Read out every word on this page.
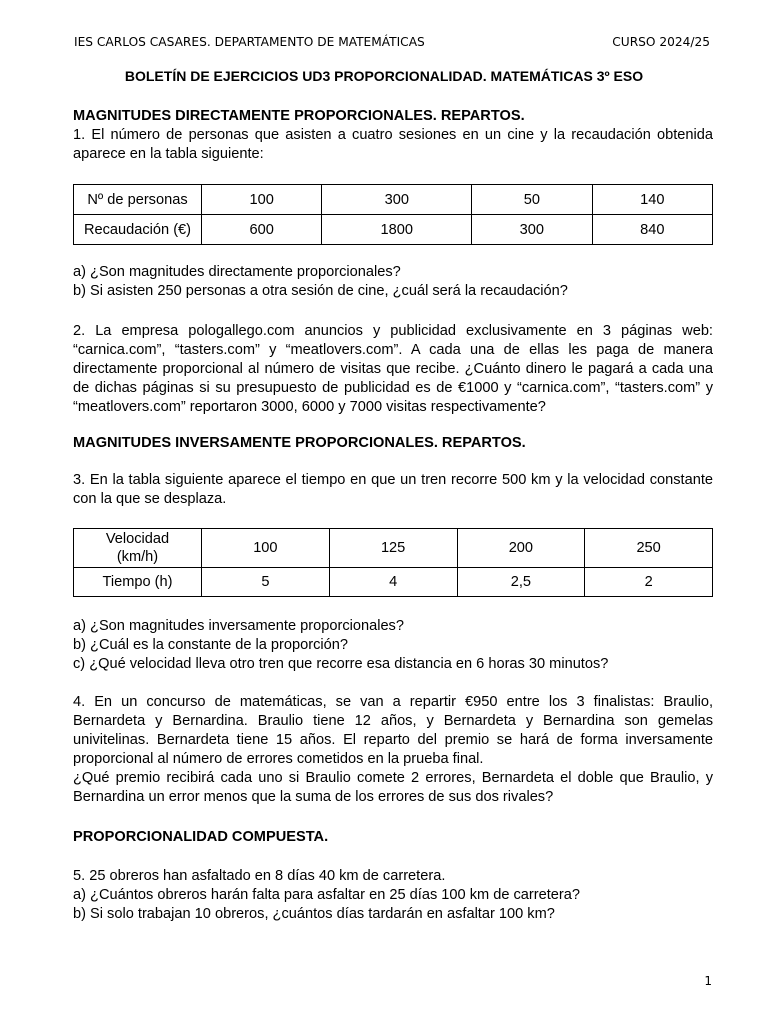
IES CARLOS CASARES. DEPARTAMENTO DE MATEMÁTICAS	CURSO 2024/25
BOLETÍN DE EJERCICIOS UD3 PROPORCIONALIDAD. MATEMÁTICAS 3º ESO

MAGNITUDES DIRECTAMENTE PROPORCIONALES. REPARTOS.

1. El número de personas que asisten a cuatro sesiones en un cine y la recaudación obtenida aparece en la tabla siguiente:

Nº de personas	100	300	50	140
Recaudación (€)	600	1800	300	840

a) ¿Son magnitudes directamente proporcionales?

b) Si asisten 250 personas a otra sesión de cine, ¿cuál será la recaudación?

2. La empresa pologallego.com anuncios y publicidad exclusivamente en 3 páginas web: “carnica.com”, “tasters.com” y “meatlovers.com”. A cada una de ellas les paga de manera directamente proporcional al número de visitas que recibe. ¿Cuánto dinero le pagará a cada una de dichas páginas si su presupuesto de publicidad es de €1000 y “carnica.com”, “tasters.com” y “meatlovers.com” reportaron 3000, 6000 y 7000 visitas respectivamente?

MAGNITUDES INVERSAMENTE PROPORCIONALES. REPARTOS.

3. En la tabla siguiente aparece el tiempo en que un tren recorre 500 km y la velocidad constante con la que se desplaza.

Velocidad
(km/h)	100	125	200	250
Tiempo (h)	5	4	2,5	2

a) ¿Son magnitudes inversamente proporcionales?

b) ¿Cuál es la constante de la proporción?

c) ¿Qué velocidad lleva otro tren que recorre esa distancia en 6 horas 30 minutos?

4. En un concurso de matemáticas, se van a repartir €950 entre los 3 finalistas: Braulio, Bernardeta y Bernardina. Braulio tiene 12 años, y Bernardeta y Bernardina son gemelas univitelinas. Bernardeta tiene 15 años. El reparto del premio se hará de forma inversamente proporcional al número de errores cometidos en la prueba final.

¿Qué premio recibirá cada uno si Braulio comete 2 errores, Bernardeta el doble que Braulio, y Bernardina un error menos que la suma de los errores de sus dos rivales?

PROPORCIONALIDAD COMPUESTA.

5. 25 obreros han asfaltado en 8 días 40 km de carretera.

a) ¿Cuántos obreros harán falta para asfaltar en 25 días 100 km de carretera?

b) Si solo trabajan 10 obreros, ¿cuántos días tardarán en asfaltar 100 km?

1
